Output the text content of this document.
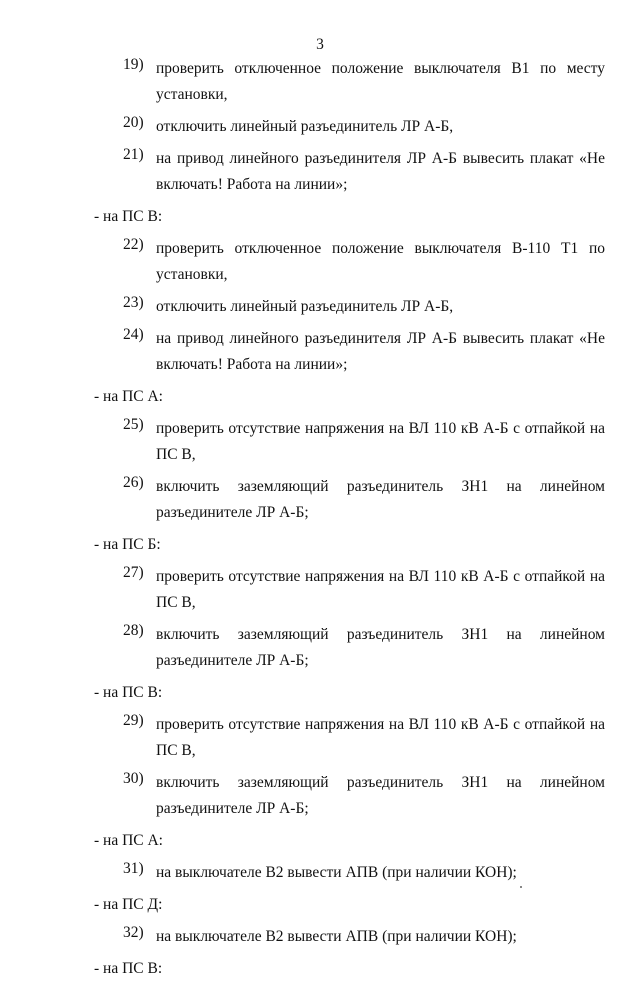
3
19) проверить отключенное положение выключателя В1 по месту
установки,
20) отключить линейный разъединитель ЛР А-Б,
21) на привод линейного разъединителя ЛР А-Б вывесить плакат «Не
включать! Работа на линии»;
- на ПС В:
22) проверить отключенное положение выключателя В-110 Т1 по
установки,
23) отключить линейный разъединитель ЛР А-Б,
24) на привод линейного разъединителя ЛР А-Б вывесить плакат «Не
включать! Работа на линии»;
- на ПС А:
25) проверить отсутствие напряжения на ВЛ 110 кВ А-Б с отпайкой на
ПС В,
26) включить заземляющий разъединитель ЗН1 на линейном
разъединителе ЛР А-Б;
- на ПС Б:
27) проверить отсутствие напряжения на ВЛ 110 кВ А-Б с отпайкой на
ПС В,
28) включить заземляющий разъединитель ЗН1 на линейном
разъединителе ЛР А-Б;
- на ПС В:
29) проверить отсутствие напряжения на ВЛ 110 кВ А-Б с отпайкой на
ПС В,
30) включить заземляющий разъединитель ЗН1 на линейном
разъединителе ЛР А-Б;
- на ПС А:
31) на выключателе В2 вывести АПВ (при наличии КОН);
- на ПС Д:
32) на выключателе В2 вывести АПВ (при наличии КОН);
- на ПС В:
